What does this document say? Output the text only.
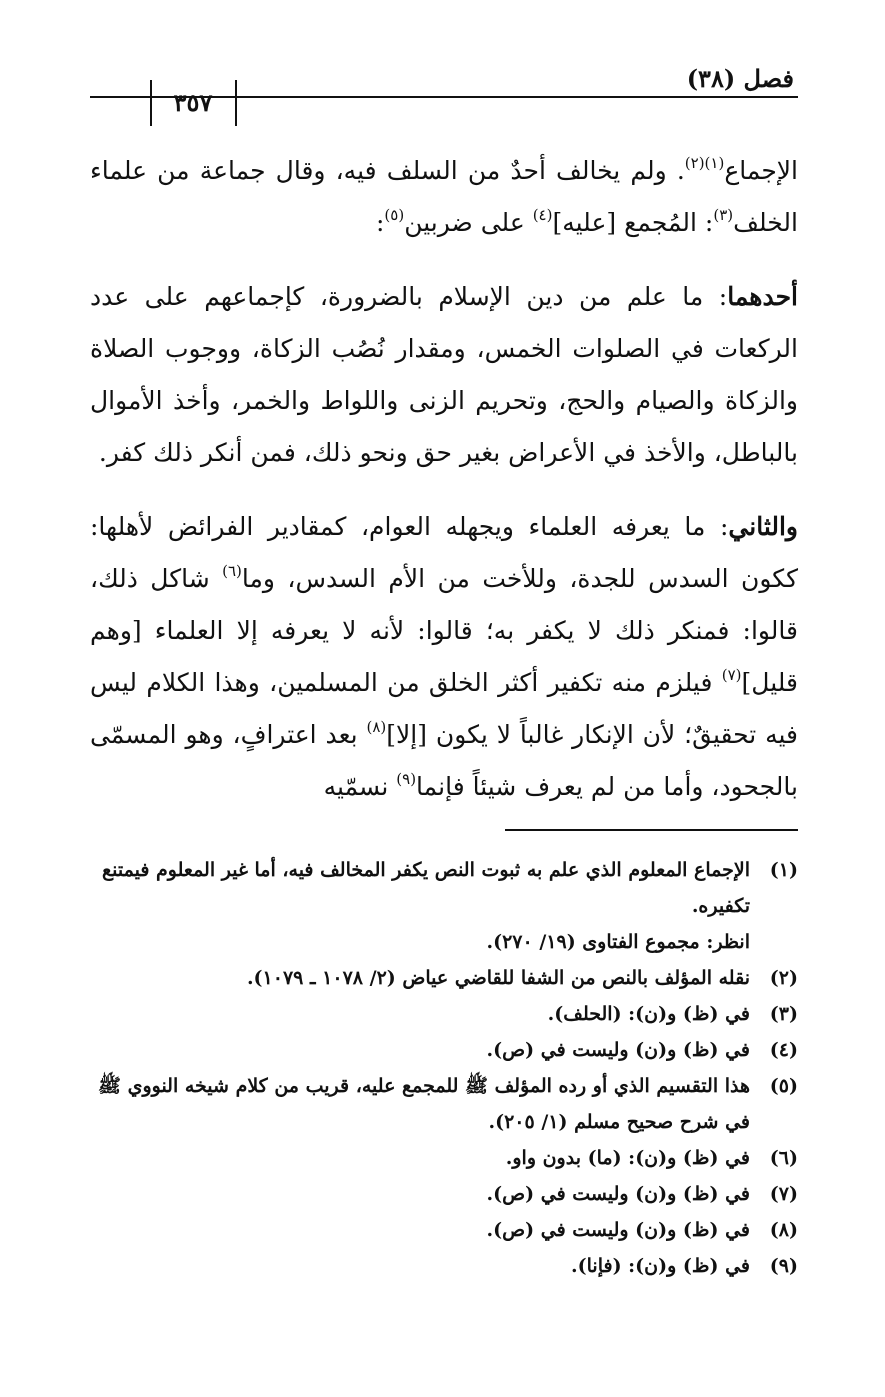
فصل (٣٨)
٣٥٧

الإجماع$^{(١)(٢)}$. ولم يخالف أحدٌ من السلف فيه، وقال جماعة من علماء الخلف$^{(٣)}$: المُجمع [عليه]$^{(٤)}$ على ضربين$^{(٥)}$:

أحدهما: ما علم من دين الإسلام بالضرورة، كإجماعهم على عدد الركعات في الصلوات الخمس، ومقدار نُصُب الزكاة، ووجوب الصلاة والزكاة والصيام والحج، وتحريم الزنى واللواط والخمر، وأخذ الأموال بالباطل، والأخذ في الأعراض بغير حق ونحو ذلك، فمن أنكر ذلك كفر.

والثاني: ما يعرفه العلماء ويجهله العوام، كمقادير الفرائض لأهلها: ككون السدس للجدة، وللأخت من الأم السدس، وما$^{(٦)}$ شاكل ذلك، قالوا: فمنكر ذلك لا يكفر به؛ قالوا: لأنه لا يعرفه إلا العلماء [وهم قليل]$^{(٧)}$ فيلزم منه تكفير أكثر الخلق من المسلمين، وهذا الكلام ليس فيه تحقيقٌ؛ لأن الإنكار غالباً لا يكون [إلا]$^{(٨)}$ بعد اعترافٍ، وهو المسمّى بالجحود، وأما من لم يعرف شيئاً فإنما$^{(٩)}$ نسمّيه

(١)
الإجماع المعلوم الذي علم به ثبوت النص يكفر المخالف فيه، أما غير المعلوم فيمتنع تكفيره.
انظر: مجموع الفتاوى (١٩/ ٢٧٠).
(٢)
نقله المؤلف بالنص من الشفا للقاضي عياض (٢/ ١٠٧٨ ـ ١٠٧٩).
(٣)
في (ظ) و(ن): (الحلف).
(٤)
في (ظ) و(ن) وليست في (ص).
(٥)
هذا التقسيم الذي أو رده المؤلف ﷺ للمجمع عليه، قريب من كلام شيخه النووي ﷺ في شرح صحيح مسلم (١/ ٢٠٥).
(٦)
في (ظ) و(ن): (ما) بدون واو.
(٧)
في (ظ) و(ن) وليست في (ص).
(٨)
في (ظ) و(ن) وليست في (ص).
(٩)
في (ظ) و(ن): (فإنا).
